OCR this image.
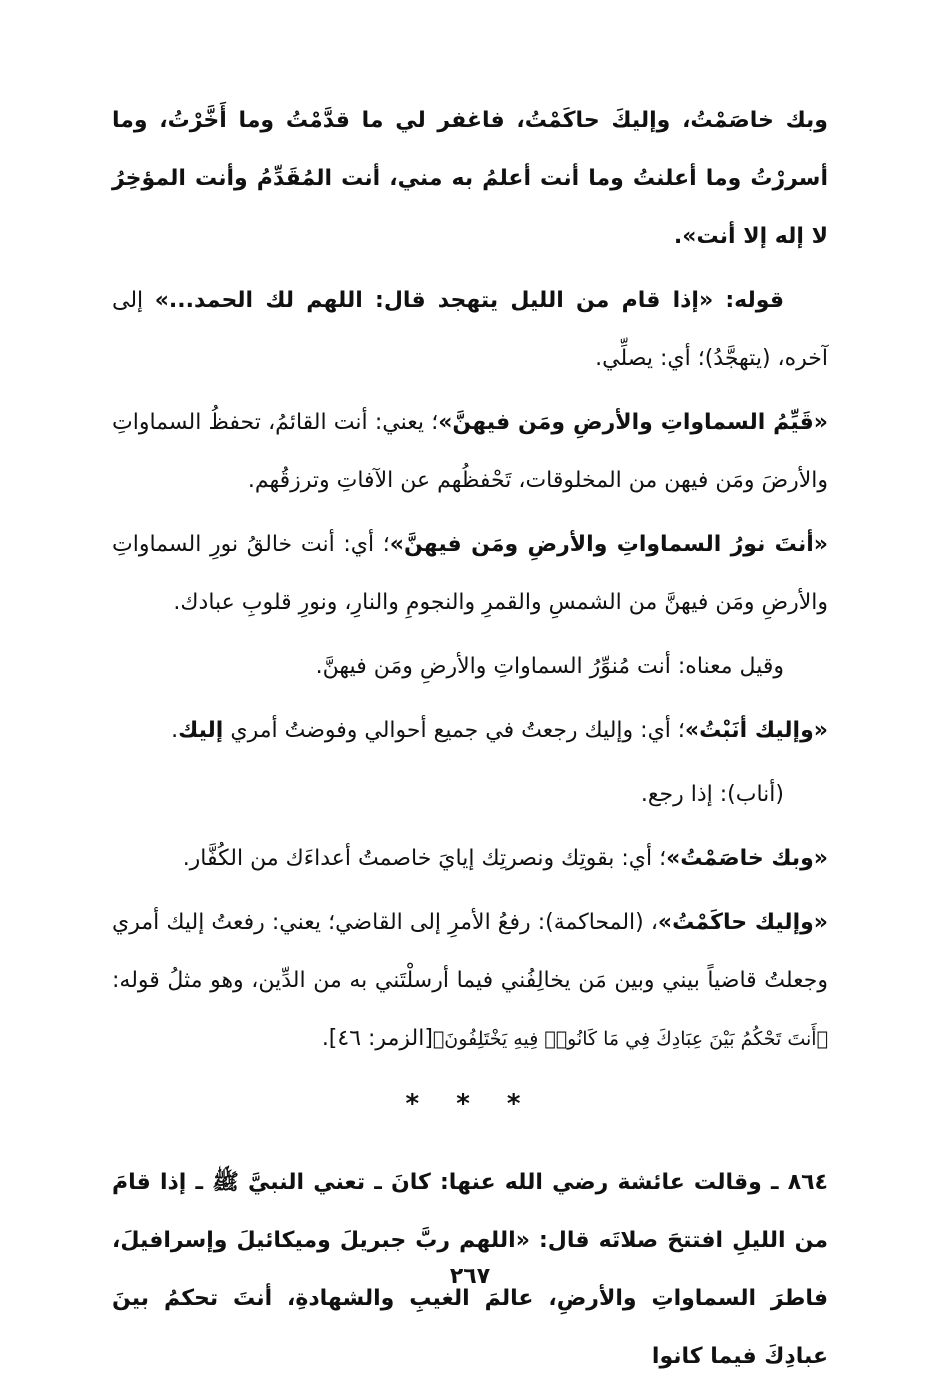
وبك خاصَمْتُ، وإليكَ حاكَمْتُ، فاغفر لي ما قدَّمْتُ وما أَخَّرْتُ، وما أسررْتُ وما أعلنتُ وما أنت أعلمُ به مني، أنت المُقَدِّمُ وأنت المؤخِرُ لا إله إلا أنت».

قوله: «إذا قام من الليل يتهجد قال: اللهم لك الحمد...» إلى آخره، (يتهجَّدُ)؛ أي: يصلِّي.

«قَيِّمُ السماواتِ والأرضِ ومَن فيهنَّ»؛ يعني: أنت القائمُ، تحفظُ السماواتِ والأرضَ ومَن فيهن من المخلوقات، تَحْفظُهم عن الآفاتِ وترزقُهم.

«أنتَ نورُ السماواتِ والأرضِ ومَن فيهنَّ»؛ أي: أنت خالقُ نورِ السماواتِ والأرضِ ومَن فيهنَّ من الشمسِ والقمرِ والنجومِ والنارِ، ونورِ قلوبِ عبادك.

وقيل معناه: أنت مُنوِّرُ السماواتِ والأرضِ ومَن فيهنَّ.

«وإليك أنَبْتُ»؛ أي: وإليك رجعتُ في جميع أحوالي وفوضتُ أمري إليك.

(أناب): إذا رجع.

«وبك خاصَمْتُ»؛ أي: بقوتِك ونصرتِك إيايَ خاصمتُ أعداءَك من الكُفَّار.

«وإليك حاكَمْتُ»، (المحاكمة): رفعُ الأمرِ إلى القاضي؛ يعني: رفعتُ إليك أمري وجعلتُ قاضياً بيني وبين مَن يخالِفُني فيما أرسلْتَني به من الدِّين، وهو مثلُ قوله: ﴿أَنتَ تَحْكُمُ بَيْنَ عِبَادِكَ فِي مَا كَانُوا۟ فِيهِ يَخْتَلِفُونَ﴾[الزمر: ٤٦].

* * *

٨٦٤ ـ وقالت عائشة رضي الله عنها: كانَ ـ تعني النبيَّ ﷺ ـ إذا قامَ من الليلِ افتتحَ صلاتَه قال: «اللهم ربَّ جبريلَ وميكائيلَ وإسرافيلَ، فاطرَ السماواتِ والأرضِ، عالمَ الغيبِ والشهادةِ، أنتَ تحكمُ بينَ عبادِكَ فيما كانوا

٢٦٧
